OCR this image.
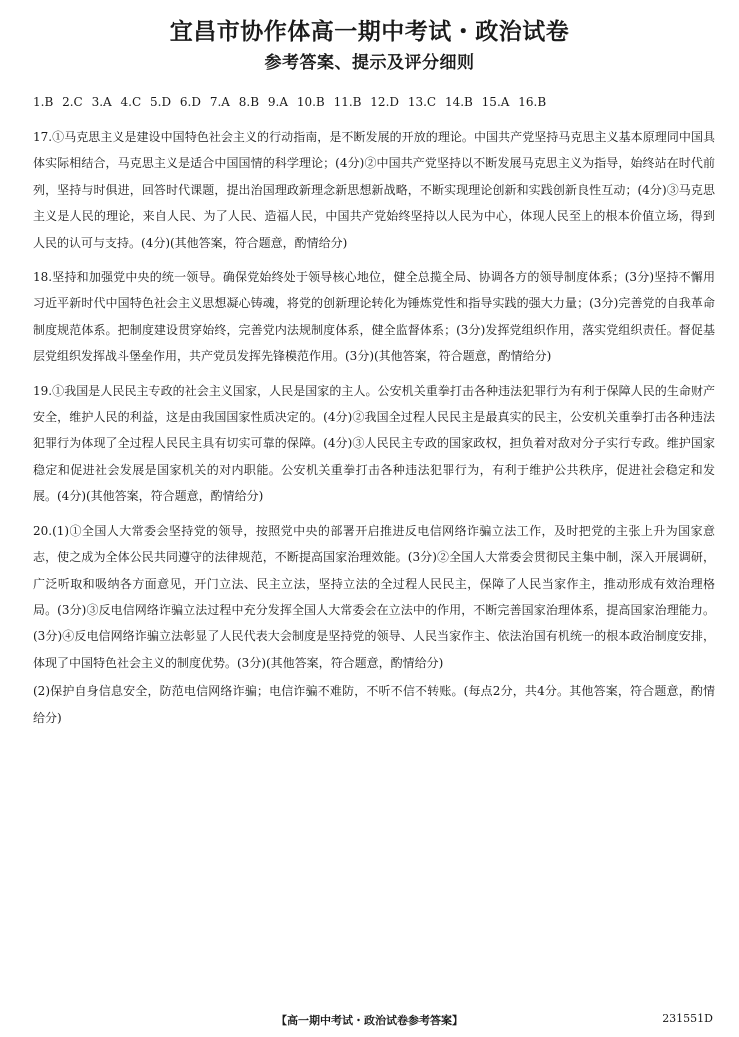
宜昌市协作体高一期中考试・政治试卷
参考答案、提示及评分细则
1.B 2.C 3.A 4.C 5.D 6.D 7.A 8.B 9.A 10.B 11.B 12.D 13.C 14.B 15.A 16.B

17.①马克思主义是建设中国特色社会主义的行动指南，是不断发展的开放的理论。中国共产党坚持马克思主义基本原理同中国具体实际相结合，马克思主义是适合中国国情的科学理论；(4分)②中国共产党坚持以不断发展马克思主义为指导，始终站在时代前列，坚持与时俱进，回答时代课题，提出治国理政新理念新思想新战略，不断实现理论创新和实践创新良性互动；(4分)③马克思主义是人民的理论，来自人民、为了人民、造福人民，中国共产党始终坚持以人民为中心，体现人民至上的根本价值立场，得到人民的认可与支持。(4分)(其他答案，符合题意，酌情给分)

18.坚持和加强党中央的统一领导。确保党始终处于领导核心地位，健全总揽全局、协调各方的领导制度体系；(3分)坚持不懈用习近平新时代中国特色社会主义思想凝心铸魂，将党的创新理论转化为锤炼党性和指导实践的强大力量；(3分)完善党的自我革命制度规范体系。把制度建设贯穿始终，完善党内法规制度体系，健全监督体系；(3分)发挥党组织作用，落实党组织责任。督促基层党组织发挥战斗堡垒作用，共产党员发挥先锋模范作用。(3分)(其他答案，符合题意，酌情给分)

19.①我国是人民民主专政的社会主义国家，人民是国家的主人。公安机关重拳打击各种违法犯罪行为有利于保障人民的生命财产安全，维护人民的利益，这是由我国国家性质决定的。(4分)②我国全过程人民民主是最真实的民主，公安机关重拳打击各种违法犯罪行为体现了全过程人民民主具有切实可靠的保障。(4分)③人民民主专政的国家政权，担负着对敌对分子实行专政。维护国家稳定和促进社会发展是国家机关的对内职能。公安机关重拳打击各种违法犯罪行为，有利于维护公共秩序，促进社会稳定和发展。(4分)(其他答案，符合题意，酌情给分)

20.(1)①全国人大常委会坚持党的领导，按照党中央的部署开启推进反电信网络诈骗立法工作，及时把党的主张上升为国家意志，使之成为全体公民共同遵守的法律规范，不断提高国家治理效能。(3分)②全国人大常委会贯彻民主集中制，深入开展调研，广泛听取和吸纳各方面意见，开门立法、民主立法，坚持立法的全过程人民民主，保障了人民当家作主，推动形成有效治理格局。(3分)③反电信网络诈骗立法过程中充分发挥全国人大常委会在立法中的作用，不断完善国家治理体系，提高国家治理能力。(3分)④反电信网络诈骗立法彰显了人民代表大会制度是坚持党的领导、人民当家作主、依法治国有机统一的根本政治制度安排，体现了中国特色社会主义的制度优势。(3分)(其他答案，符合题意，酌情给分)

(2)保护自身信息安全，防范电信网络诈骗；电信诈骗不难防，不听不信不转账。(每点2分，共4分。其他答案，符合题意，酌情给分)

【高一期中考试・政治试卷参考答案】	231551D
